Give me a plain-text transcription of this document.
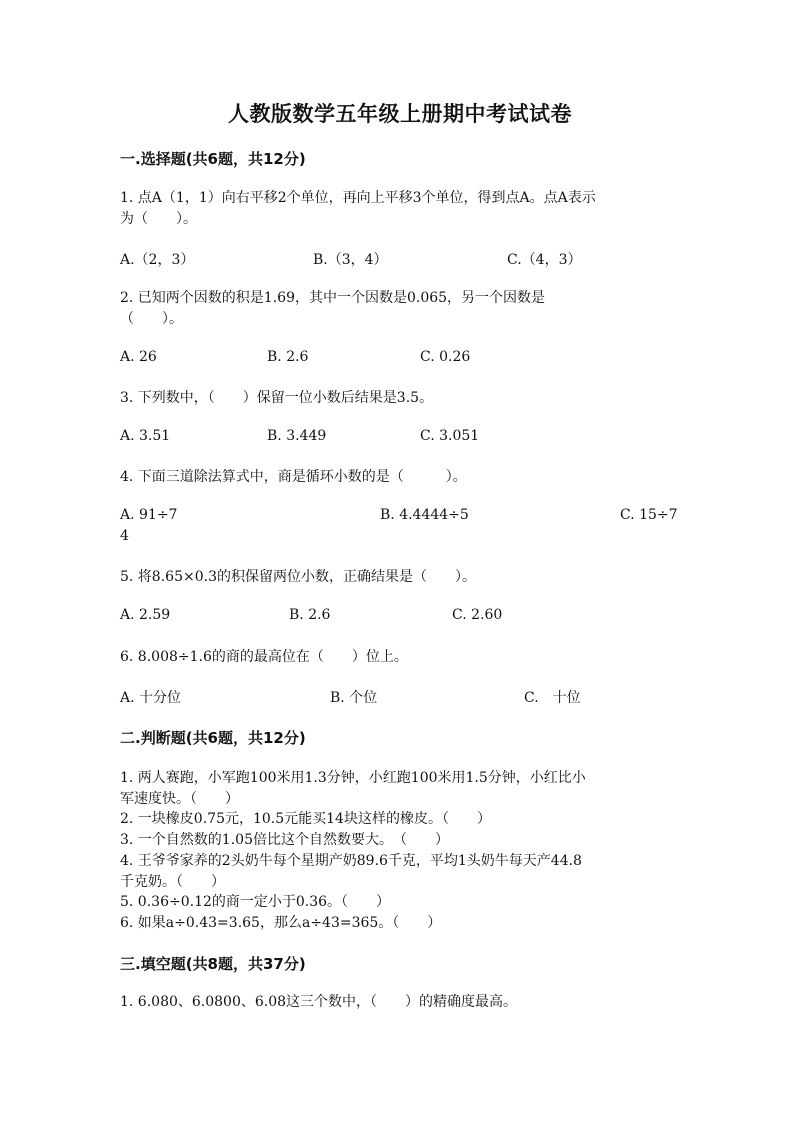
人教版数学五年级上册期中考试试卷
一.选择题(共6题，共12分)
1. 点A（1，1）向右平移2个单位，再向上平移3个单位，得到点A。点A表示
为（　　）。
A.（2，3）	B.（3，4）	C.（4，3）
2. 已知两个因数的积是1.69，其中一个因数是0.065，另一个因数是
（　　）。
A. 26	B. 2.6	C. 0.26
3. 下列数中，（　　）保留一位小数后结果是3.5。
A. 3.51	B. 3.449	C. 3.051
4. 下面三道除法算式中，商是循环小数的是（　　　）。
A. 91÷7	B. 4.4444÷5	C. 15÷7
4
5. 将8.65×0.3的积保留两位小数，正确结果是（　　）。
A. 2.59	B. 2.6	C. 2.60
6. 8.008÷1.6的商的最高位在（　　）位上。
A. 十分位	B. 个位	C.　十位
二.判断题(共6题，共12分)
1. 两人赛跑，小军跑100米用1.3分钟，小红跑100米用1.5分钟，小红比小
军速度快。（　　）
2. 一块橡皮0.75元，10.5元能买14块这样的橡皮。（　　）
3. 一个自然数的1.05倍比这个自然数要大。　（　　）
4. 王爷爷家养的2头奶牛每个星期产奶89.6千克，平均1头奶牛每天产44.8
千克奶。（　　）
5. 0.36÷0.12的商一定小于0.36。（　　）
6. 如果a÷0.43=3.65，那么a÷43=365。（　　）
三.填空题(共8题，共37分)
1. 6.080、6.0800、6.08这三个数中，（　　）的精确度最高。
